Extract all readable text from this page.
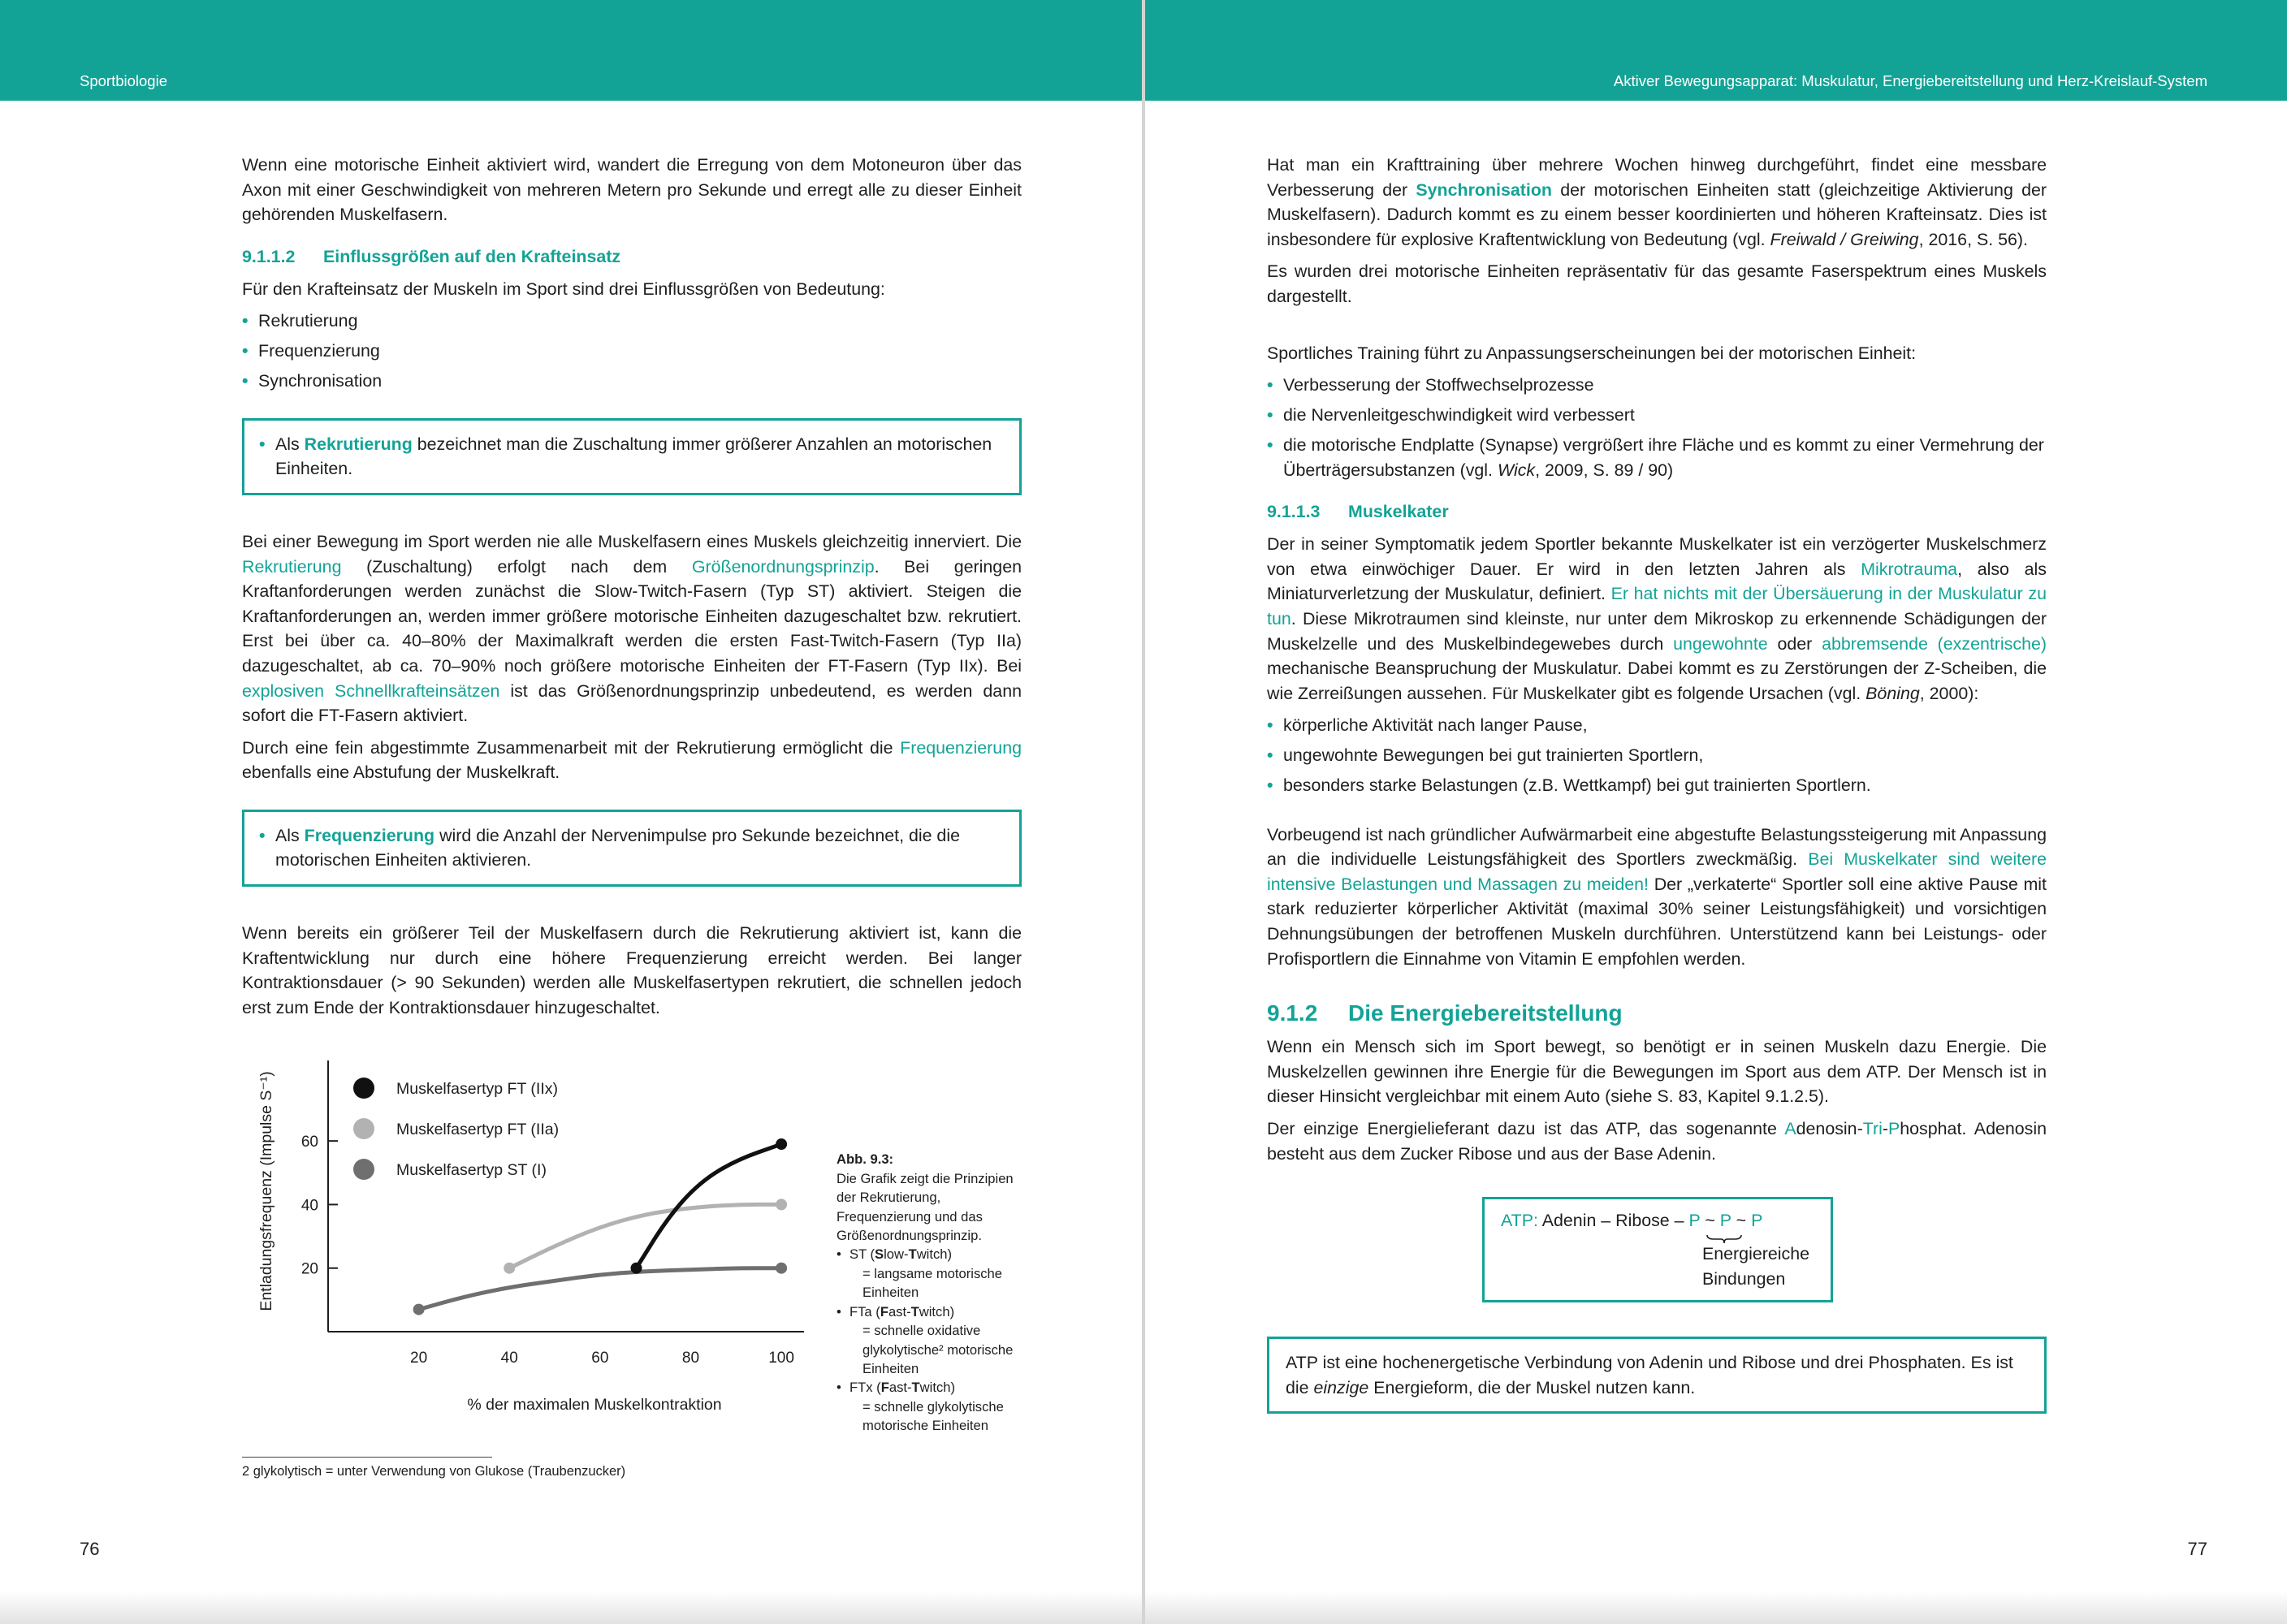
Sportbiologie

Wenn eine motorische Einheit aktiviert wird, wandert die Erregung von dem Motoneuron über das Axon mit einer Geschwindigkeit von mehreren Metern pro Sekunde und erregt alle zu dieser Einheit gehörenden Muskelfasern.

9.1.1.2 Einflussgrößen auf den Krafteinsatz

Für den Krafteinsatz der Muskeln im Sport sind drei Einflussgrößen von Bedeutung:

• Rekrutierung
• Frequenzierung
• Synchronisation
• Als Rekrutierung bezeichnet man die Zuschaltung immer größerer Anzahlen an motorischen Einheiten.

Bei einer Bewegung im Sport werden nie alle Muskelfasern eines Muskels gleichzeitig innerviert. Die Rekrutierung (Zuschaltung) erfolgt nach dem Größenordnungsprinzip. Bei geringen Kraftanforderungen werden zunächst die Slow-Twitch-Fasern (Typ ST) aktiviert. Steigen die Kraftanforderungen an, werden immer größere motorische Einheiten dazugeschaltet bzw. rekrutiert. Erst bei über ca. 40–80% der Maximalkraft werden die ersten Fast-Twitch-Fasern (Typ IIa) dazugeschaltet, ab ca. 70–90% noch größere motorische Einheiten der FT-Fasern (Typ IIx). Bei explosiven Schnellkrafteinsätzen ist das Größenordnungsprinzip unbedeutend, es werden dann sofort die FT-Fasern aktiviert.

Durch eine fein abgestimmte Zusammenarbeit mit der Rekrutierung ermöglicht die Frequenzierung ebenfalls eine Abstufung der Muskelkraft.

• Als Frequenzierung wird die Anzahl der Nervenimpulse pro Sekunde bezeichnet, die die motorischen Einheiten aktivieren.

Wenn bereits ein größerer Teil der Muskelfasern durch die Rekrutierung aktiviert ist, kann die Kraftentwicklung nur durch eine höhere Frequenzierung erreicht werden. Bei langer Kontraktionsdauer (> 90 Sekunden) werden alle Muskelfasertypen rekrutiert, die schnellen jedoch erst zum Ende der Kontraktionsdauer hinzugeschaltet.

20
40
60
20	40	60	80	100
% der maximalen Muskelkontraktion
Entladungsfrequenz (Impulse S⁻¹)	Muskelfasertyp FT (IIx)
Muskelfasertyp FT (IIa)
Muskelfasertyp ST (I)
Abb. 9.3:
Die Grafik zeigt die Prinzipien der Rekrutierung, Frequenzierung und das Größenordnungsprinzip.
• ST (Slow-Twitch)
= langsame motorische Einheiten
• FTa (Fast-Twitch)
= schnelle oxidative glykolytische² motorische Einheiten
• FTx (Fast-Twitch)
= schnelle glykolytische motorische Einheiten
2 glykolytisch = unter Verwendung von Glukose (Traubenzucker)
76
Aktiver Bewegungsapparat: Muskulatur, Energiebereitstellung und Herz-Kreislauf-System

Hat man ein Krafttraining über mehrere Wochen hinweg durchgeführt, findet eine messbare Verbesserung der Synchronisation der motorischen Einheiten statt (gleichzeitige Aktivierung der Muskelfasern). Dadurch kommt es zu einem besser koordinierten und höheren Krafteinsatz. Dies ist insbesondere für explosive Kraftentwicklung von Bedeutung (vgl. Freiwald / Greiwing, 2016, S. 56).

Es wurden drei motorische Einheiten repräsentativ für das gesamte Faserspektrum eines Muskels dargestellt.

Sportliches Training führt zu Anpassungserscheinungen bei der motorischen Einheit:

• Verbesserung der Stoffwechselprozesse
• die Nervenleitgeschwindigkeit wird verbessert
• die motorische Endplatte (Synapse) vergrößert ihre Fläche und es kommt zu einer Vermehrung der Überträgersubstanzen (vgl. Wick, 2009, S. 89 / 90)
9.1.1.3 Muskelkater

Der in seiner Symptomatik jedem Sportler bekannte Muskelkater ist ein verzögerter Muskelschmerz von etwa einwöchiger Dauer. Er wird in den letzten Jahren als Mikrotrauma, also als Miniaturverletzung der Muskulatur, definiert. Er hat nichts mit der Übersäuerung in der Muskulatur zu tun. Diese Mikrotraumen sind kleinste, nur unter dem Mikroskop zu erkennende Schädigungen der Muskelzelle und des Muskelbindegewebes durch ungewohnte oder abbremsende (exzentrische) mechanische Beanspruchung der Muskulatur. Dabei kommt es zu Zerstörungen der Z-Scheiben, die wie Zerreißungen aussehen. Für Muskelkater gibt es folgende Ursachen (vgl. Böning, 2000):

• körperliche Aktivität nach langer Pause,
• ungewohnte Bewegungen bei gut trainierten Sportlern,
• besonders starke Belastungen (z.B. Wettkampf) bei gut trainierten Sportlern.

Vorbeugend ist nach gründlicher Aufwärmarbeit eine abgestufte Belastungssteigerung mit Anpassung an die individuelle Leistungsfähigkeit des Sportlers zweckmäßig. Bei Muskelkater sind weitere intensive Belastungen und Massagen zu meiden! Der „verkaterte“ Sportler soll eine aktive Pause mit stark reduzierter körperlicher Aktivität (maximal 30% seiner Leistungsfähigkeit) und vorsichtigen Dehnungsübungen der betroffenen Muskeln durchführen. Unterstützend kann bei Leistungs- oder Profisportlern die Einnahme von Vitamin E empfohlen werden.

9.1.2 Die Energiebereitstellung

Wenn ein Mensch sich im Sport bewegt, so benötigt er in seinen Muskeln dazu Energie. Die Muskelzellen gewinnen ihre Energie für die Bewegungen im Sport aus dem ATP. Der Mensch ist in dieser Hinsicht vergleichbar mit einem Auto (siehe S. 83, Kapitel 9.1.2.5).

Der einzige Energielieferant dazu ist das ATP, das sogenannte Adenosin-Tri-Phosphat. Adenosin besteht aus dem Zucker Ribose und aus der Base Adenin.

ATP: Adenin – Ribose – P ~ P ~ P
Energiereiche
Bindungen

ATP ist eine hochenergetische Verbindung von Adenin und Ribose und drei Phosphaten. Es ist die einzige Energieform, die der Muskel nutzen kann.

77
